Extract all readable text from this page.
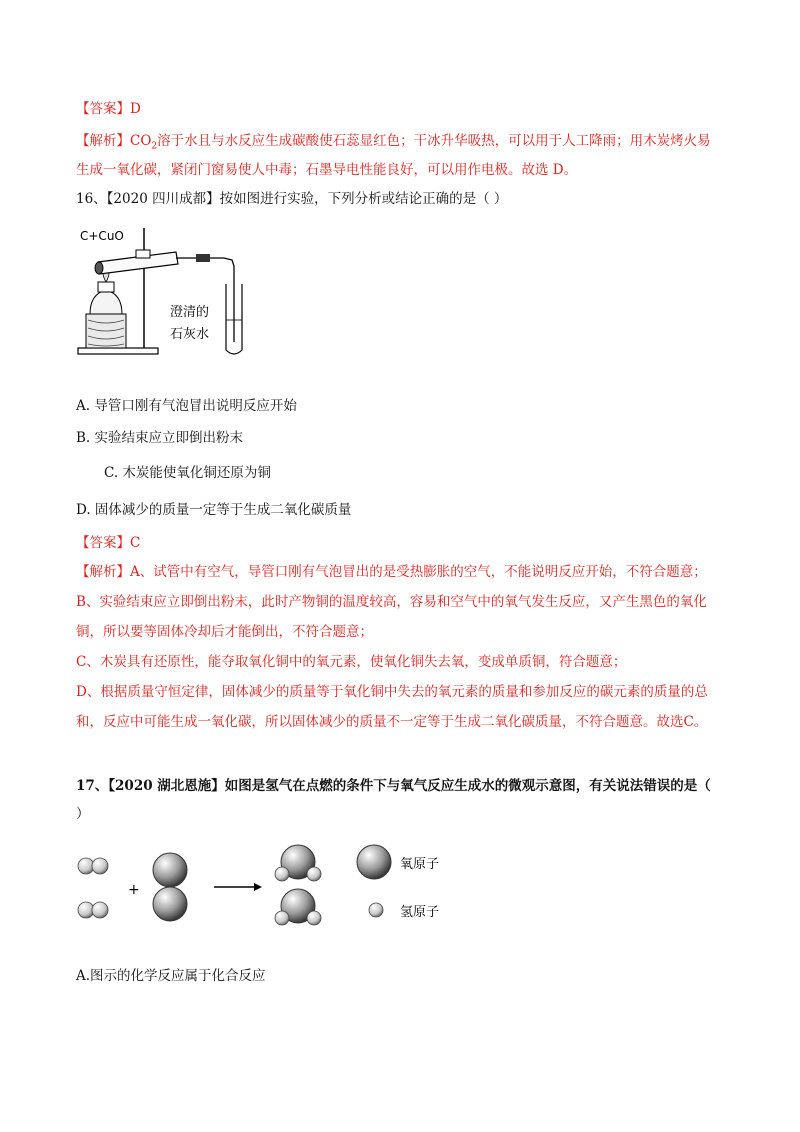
【答案】D
【解析】$CO_2$溶于水且与水反应生成碳酸使石蕊显红色；干冰升华吸热，可以用于人工降雨；用木炭烤火易
生成一氧化碳，紧闭门窗易使人中毒；石墨导电性能良好，可以用作电极。故选 D。
16、【2020 四川成都】按如图进行实验，下列分析或结论正确的是（ ）
C+CuO
澄清的
石灰水
A. 导管口刚有气泡冒出说明反应开始
B. 实验结束应立即倒出粉末
C. 木炭能使氧化铜还原为铜
D. 固体减少的质量一定等于生成二氧化碳质量
【答案】C
【解析】A、试管中有空气，导管口刚有气泡冒出的是受热膨胀的空气，不能说明反应开始，不符合题意；
B、实验结束应立即倒出粉末，此时产物铜的温度较高，容易和空气中的氧气发生反应，又产生黑色的氧化铜，所以要等固体冷却后才能倒出，不符合题意；
C、木炭具有还原性，能夺取氧化铜中的氧元素，使氧化铜失去氧，变成单质铜，符合题意；
D、根据质量守恒定律，固体减少的质量等于氧化铜中失去的氧元素的质量和参加反应的碳元素的质量的总和，反应中可能生成一氧化碳，所以固体减少的质量不一定等于生成二氧化碳质量，不符合题意。故选C。
17、【2020 湖北恩施】如图是氢气在点燃的条件下与氧气反应生成水的微观示意图，有关说法错误的是（
）
+
氧原子
氢原子
A.图示的化学反应属于化合反应
